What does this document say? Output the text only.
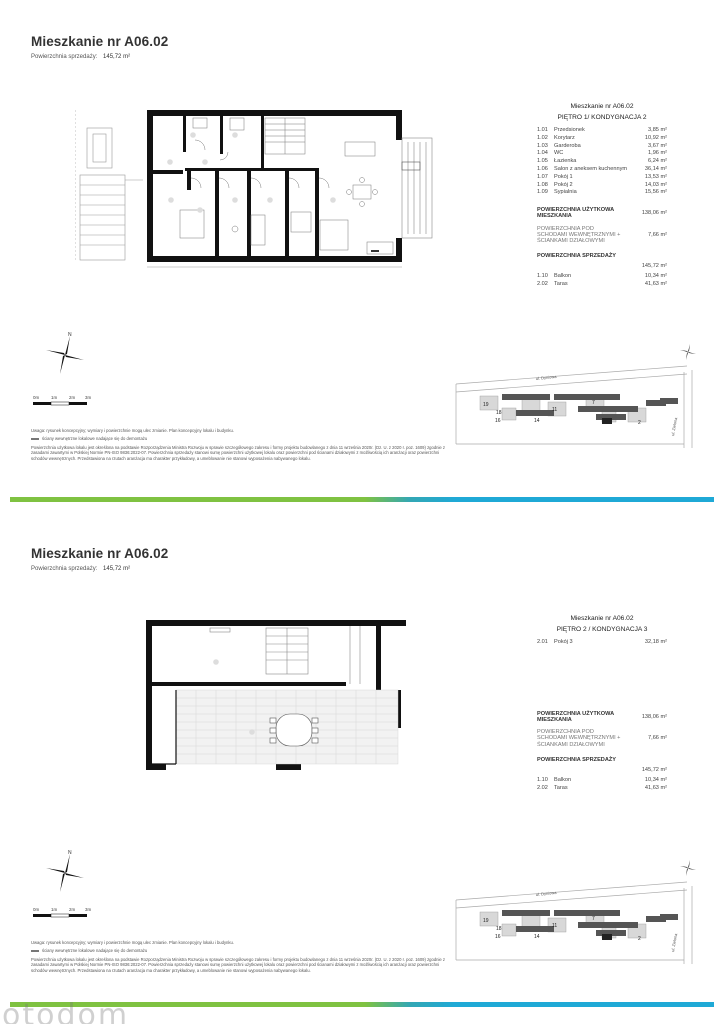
Mieszkanie nr A06.02
Powierzchnia sprzedaży: 145,72 m²
Mieszkanie nr A06.02
PIĘTRO 1/ KONDYGNACJA 2
1.01	Przedsionek	3,85 m²
1.02	Korytarz	10,92 m²
1.03	Garderoba	3,67 m²
1.04	WC	1,96 m²
1.05	Łazienka	6,24 m²
1.06	Salon z aneksem kuchennym	36,14 m²
1.07	Pokój 1	13,53 m²
1.08	Pokój 2	14,03 m²
1.09	Sypialnia	15,56 m²
POWIERZCHNIA UŻYTKOWA MIESZKANIA
138,06 m²
POWIERZCHNIA POD SCHODAMI WEWNĘTRZNYMI + ŚCIANKAMI DZIAŁOWYMI
7,66 m²
POWIERZCHNIA SPRZEDAŻY
145,72 m²
1.10	Balkon	10,34 m²
2.02	Taras	41,63 m²
N
0m	1m	2m 3m
Uwaga: rysunek koncepcyjny; wymiary i powierzchnie mogą ulec zmianie. Plan koncepcyjny lokalu i budynku.
ściany wewnętrzne lokalowe nadające się do demontażu
Powierzchnia użytkowa lokalu jest określona na podstawie Rozporządzenia Ministra Rozwoju w sprawie szczegółowego zakresu i formy projektu budowlanego z dnia 11 września 2020r. (Dz. U. z 2020 r. poz. 1609) zgodnie z zasadami zawartymi w Polskiej Normie PN-ISO 9836:2022-07. Powierzchnia sprzedaży stanowi sumę powierzchni użytkowej lokalu oraz powierzchni pod ścianami działowymi z możliwością ich aranżacji oraz powierzchni schodów wewnętrznych. Przedstawiona na rzutach aranżacja ma charakter przykładowy, a umeblowanie nie stanowi wyposażenia nabywanego lokalu.
ul. Dyniowa
ul. Zielona
19
16
11
7
18
14	2
Mieszkanie nr A06.02
Powierzchnia sprzedaży: 145,72 m²
Mieszkanie nr A06.02
PIĘTRO 2 / KONDYGNACJA 3
2.01	Pokój 3	32,18 m²
POWIERZCHNIA UŻYTKOWA MIESZKANIA
138,06 m²
POWIERZCHNIA POD SCHODAMI WEWNĘTRZNYMI + ŚCIANKAMI DZIAŁOWYMI
7,66 m²
POWIERZCHNIA SPRZEDAŻY
145,72 m²
1.10	Balkon	10,34 m²
2.02	Taras	41,63 m²
N
0m	1m	2m 3m
Uwaga: rysunek koncepcyjny; wymiary i powierzchnie mogą ulec zmianie. Plan koncepcyjny lokalu i budynku.
ściany wewnętrzne lokalowe nadające się do demontażu
Powierzchnia użytkowa lokalu jest określona na podstawie Rozporządzenia Ministra Rozwoju w sprawie szczegółowego zakresu i formy projektu budowlanego z dnia 11 września 2020r. (Dz. U. z 2020 r. poz. 1609) zgodnie z zasadami zawartymi w Polskiej Normie PN-ISO 9836:2022-07. Powierzchnia sprzedaży stanowi sumę powierzchni użytkowej lokalu oraz powierzchni pod ścianami działowymi z możliwością ich aranżacji oraz powierzchni schodów wewnętrznych. Przedstawiona na rzutach aranżacja ma charakter przykładowy, a umeblowanie nie stanowi wyposażenia nabywanego lokalu.
ul. Dyniowa
ul. Zielona
19
16
11
7
18
14	2
otodom
